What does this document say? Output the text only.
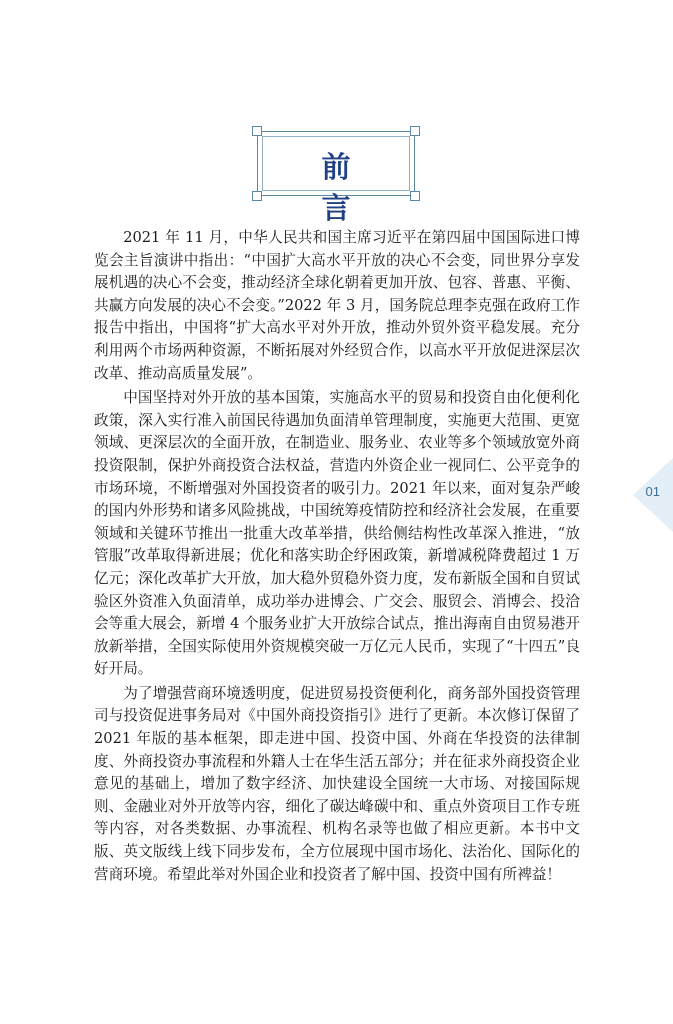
前 言

2021 年 11 月，中华人民共和国主席习近平在第四届中国国际进口博览会主旨演讲中指出：“中国扩大高水平开放的决心不会变，同世界分享发展机遇的决心不会变，推动经济全球化朝着更加开放、包容、普惠、平衡、共赢方向发展的决心不会变。”2022 年 3 月，国务院总理李克强在政府工作报告中指出，中国将“扩大高水平对外开放，推动外贸外资平稳发展。充分利用两个市场两种资源，不断拓展对外经贸合作，以高水平开放促进深层次改革、推动高质量发展”。

中国坚持对外开放的基本国策，实施高水平的贸易和投资自由化便利化政策，深入实行准入前国民待遇加负面清单管理制度，实施更大范围、更宽领域、更深层次的全面开放，在制造业、服务业、农业等多个领域放宽外商投资限制，保护外商投资合法权益，营造内外资企业一视同仁、公平竞争的市场环境，不断增强对外国投资者的吸引力。2021 年以来，面对复杂严峻的国内外形势和诸多风险挑战，中国统筹疫情防控和经济社会发展，在重要领域和关键环节推出一批重大改革举措，供给侧结构性改革深入推进，“放管服”改革取得新进展；优化和落实助企纾困政策，新增减税降费超过 1 万亿元；深化改革扩大开放，加大稳外贸稳外资力度，发布新版全国和自贸试验区外资准入负面清单，成功举办进博会、广交会、服贸会、消博会、投洽会等重大展会，新增 4 个服务业扩大开放综合试点，推出海南自由贸易港开放新举措，全国实际使用外资规模突破一万亿元人民币，实现了“十四五”良好开局。

为了增强营商环境透明度，促进贸易投资便利化，商务部外国投资管理司与投资促进事务局对《中国外商投资指引》进行了更新。本次修订保留了 2021 年版的基本框架，即走进中国、投资中国、外商在华投资的法律制度、外商投资办事流程和外籍人士在华生活五部分；并在征求外商投资企业意见的基础上，增加了数字经济、加快建设全国统一大市场、对接国际规则、金融业对外开放等内容，细化了碳达峰碳中和、重点外资项目工作专班等内容，对各类数据、办事流程、机构名录等也做了相应更新。本书中文版、英文版线上线下同步发布，全方位展现中国市场化、法治化、国际化的营商环境。希望此举对外国企业和投资者了解中国、投资中国有所裨益！

01
